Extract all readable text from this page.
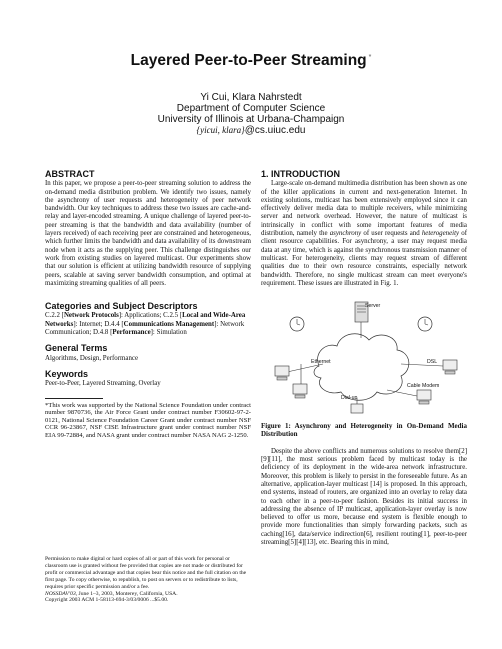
Layered Peer-to-Peer Streaming *
Yi Cui, Klara Nahrstedt
Department of Computer Science
University of Illinois at Urbana-Champaign
{yicui, klara}@cs.uiuc.edu
ABSTRACT

In this paper, we propose a peer-to-peer streaming solution to address the on-demand media distribution problem. We identify two issues, namely the asynchrony of user requests and heterogeneity of peer network bandwidth. Our key techniques to address these two issues are cache-and-relay and layer-encoded streaming. A unique challenge of layered peer-to-peer streaming is that the bandwidth and data availability (number of layers received) of each receiving peer are constrained and heterogeneous, which further limits the bandwidth and data availability of its downstream node when it acts as the supplying peer. This challenge distinguishes our work from existing studies on layered multicast. Our experiments show that our solution is efficient at utilizing bandwidth resource of supplying peers, scalable at saving server bandwidth consumption, and optimal at maximizing streaming qualities of all peers.

Categories and Subject Descriptors

C.2.2 [Network Protocols]: Applications; C.2.5 [Local and Wide-Area Networks]: Internet; D.4.4 [Communications Management]: Network Communication; D.4.8 [Performance]: Simulation

General Terms

Algorithms, Design, Performance

Keywords

Peer-to-Peer, Layered Streaming, Overlay

*This work was supported by the National Science Foundation under contract number 9870736, the Air Force Grant under contract number F30602-97-2-0121, National Science Foundation Career Grant under contract number NSF CCR 96-23867, NSF CISE Infrastructure grant under contract number NSF EIA 99-72884, and NASA grant under contract number NASA NAG 2-1250.

Permission to make digital or hard copies of all or part of this work for personal or classroom use is granted without fee provided that copies are not made or distributed for profit or commercial advantage and that copies bear this notice and the full citation on the first page. To copy otherwise, to republish, to post on servers or to redistribute to lists, requires prior specific permission and/or a fee.
NOSSDAV'03, June 1–3, 2003, Monterey, California, USA.
Copyright 2003 ACM 1-58113-694-3/03/0006 ...$5.00.
1. INTRODUCTION

Large-scale on-demand multimedia distribution has been shown as one of the killer applications in current and next-generation Internet. In existing solutions, multicast has been extensively employed since it can effectively deliver media data to multiple receivers, while minimizing server and network overhead. However, the nature of multicast is intrinsically in conflict with some important features of media distribution, namely the asynchrony of user requests and heterogeneity of client resource capabilities. For asynchrony, a user may request media data at any time, which is against the synchronous transmission manner of multicast. For heterogeneity, clients may request stream of different qualities due to their own resource constraints, especially network bandwidth. Therefore, no single multicast stream can meet everyone's requirement. These issues are illustrated in Fig. 1.

Server
Ethernet	DSL
Cable Modem
Dial-up
Figure 1: Asynchrony and Heterogeneity in On-Demand Media Distribution

Despite the above conflicts and numerous solutions to resolve them[2][9][11], the most serious problem faced by multicast today is the deficiency of its deployment in the wide-area network infrastructure. Moreover, this problem is likely to persist in the foreseeable future. As an alternative, application-layer multicast [14] is proposed. In this approach, end systems, instead of routers, are organized into an overlay to relay data to each other in a peer-to-peer fashion. Besides its initial success in addressing the absence of IP multicast, application-layer overlay is now believed to offer us more, because end system is flexible enough to provide more functionalities than simply forwarding packets, such as caching[16], data/service indirection[6], resilient routing[1], peer-to-peer streaming[5][4][13], etc. Bearing this in mind,
